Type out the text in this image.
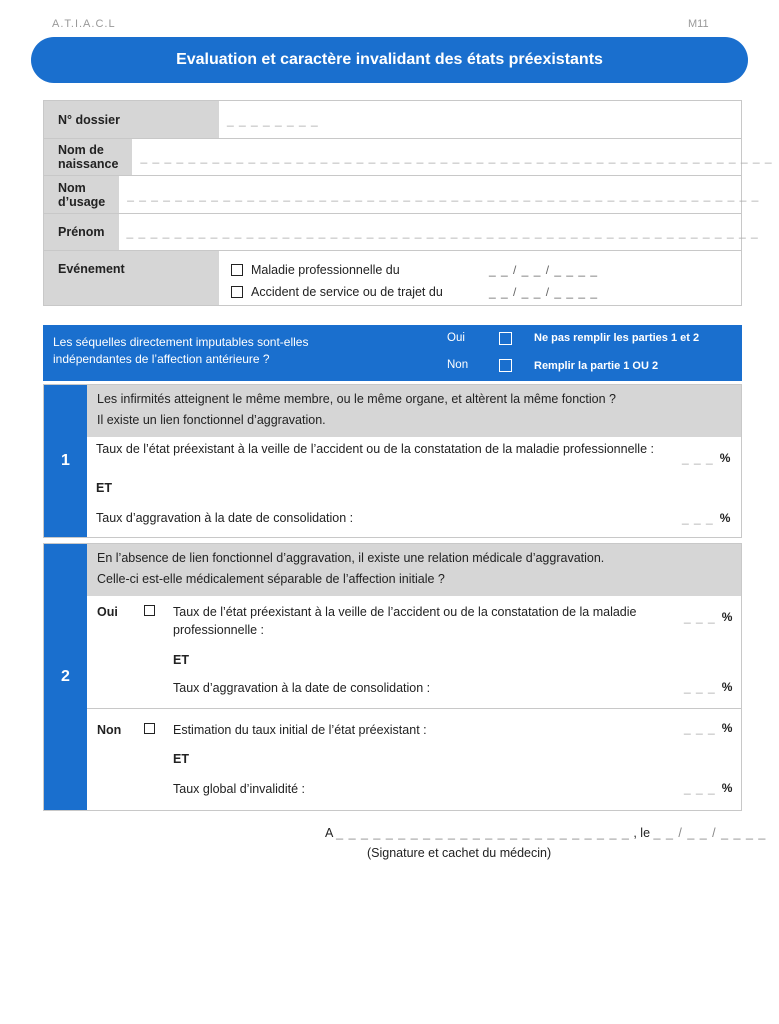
A.T.I.A.C.L	M11
Evaluation et caractère invalidant des états préexistants
N° dossier	_ _ _ _ _ _ _ _
Nom de naissance	_ _ _ _ _ _ _ _ _ _ _ _ _ _ _ _ _ _ _ _ _ _ _ _ _ _ _ _ _ _ _ _ _ _ _ _ _ _ _ _ _ _ _ _ _ _ _ _ _ _ _ _ _
Nom d’usage	_ _ _ _ _ _ _ _ _ _ _ _ _ _ _ _ _ _ _ _ _ _ _ _ _ _ _ _ _ _ _ _ _ _ _ _ _ _ _ _ _ _ _ _ _ _ _ _ _ _ _ _ _
Prénom	_ _ _ _ _ _ _ _ _ _ _ _ _ _ _ _ _ _ _ _ _ _ _ _ _ _ _ _ _ _ _ _ _ _ _ _ _ _ _ _ _ _ _ _ _ _ _ _ _ _ _ _ _
Evénement	Maladie professionnelle du	_ _ / _ _ / _ _ _ _
Accident de service ou de trajet du	_ _ / _ _ / _ _ _ _
Les séquelles directement imputables sont-elles indépendantes de l’affection antérieure ?
Oui	Ne pas remplir les parties 1 et 2
Non	Remplir la partie 1 OU 2
1
Les infirmités atteignent le même membre, ou le même organe, et altèrent la même fonction ?
Il existe un lien fonctionnel d’aggravation.
Taux de l’état préexistant à la veille de l’accident ou de la constatation de la maladie professionnelle :
_ _ _ %
ET
Taux d’aggravation à la date de consolidation :	_ _ _ %
2
En l’absence de lien fonctionnel d’aggravation, il existe une relation médicale d’aggravation.
Celle-ci est-elle médicalement séparable de l’affection initiale ?
Oui	Taux de l’état préexistant à la veille de l’accident ou de la constatation de la maladie professionnelle :
_ _ _ %
ET
Taux d’aggravation à la date de consolidation :	_ _ _ %
Non	Estimation du taux initial de l’état préexistant :	_ _ _ %
ET
Taux global d’invalidité :	_ _ _ %
A _ _ _ _ _ _ _ _ _ _ _ _ _ _ _ _ _ _ _ _ _ _ _ _ , le _ _ / _ _ / _ _ _ _
(Signature et cachet du médecin)
